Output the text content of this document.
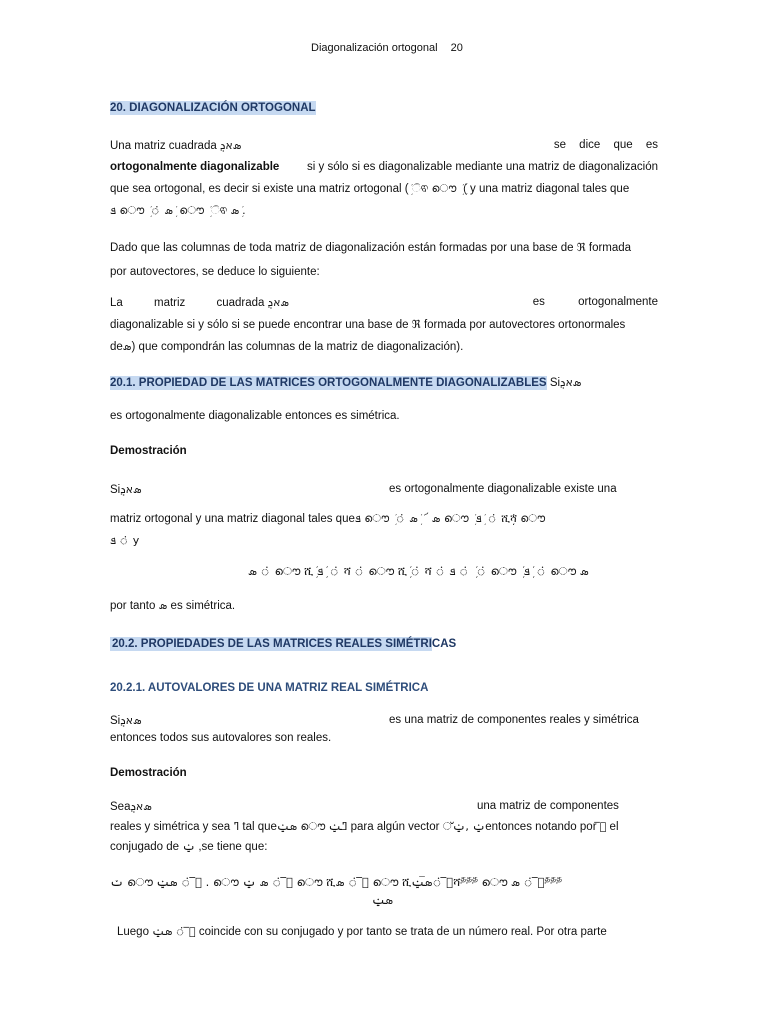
Diagonalización ortogonal 20
20. DIAGONALIZACIÓN ORTOGONAL
Una matriz cuadrada ܣאܯ	se dice que es
ortogonalmente diagonalizable si y sólo si es diagonalizable mediante una matriz de diagonalización
que sea ortogonal, es decir si existe una matriz ortogonal (ܲ ିଵ ൌ ܲ (ܲ y una matriz diagonal tales que
ܦ ൌ ܲ ் ܣ ܲ ൌ ܲ ିଵ ܣ ܲ.
Dado que las columnas de toda matriz de diagonalización están formadas por una base de ℜ formada
por autovectores, se deduce lo siguiente:
La matriz cuadrada ܣאܯ	es ortogonalmente
diagonalizable si y sólo si se puede encontrar una base de ℜ formada por autovectores ortonormales
deܣ) que compondrán las columnas de la matriz de diagonalización).
20.1. PROPIEDAD DE LAS MATRICES ORTOGONALMENTE DIAGONALIZABLES Siܣאܯ
es ortogonalmente diagonalizable entonces es simétrica.
Demostración
Siܣאܯ	es ortogonalmente diagonalizable existe una
matriz ortogonal y una matriz diagonal tales queܦ ൌ ܲ ் ܣ ܲ ՜ ܣ ൌ ܲ ܦ ܲ ் ሺܲܲܲܲሻ ൌ
ܦ ் y
ܣ ் ൌ ሺܲ ܦ ܲ ் ሻ ் ൌ ሺܲ ் ሻ ் ܦ ் ܲ ் ൌ ܲ ܦ ܲ ் ൌ ܣ
por tanto ܣ es simétrica.
20.2. PROPIEDADES DE LAS MATRICES REALES SIMÉTRICAS
20.2.1. AUTOVALORES DE UNA MATRIZ REAL SIMÉTRICA
Siܣאܯ	es una matriz de componentes reales y simétrica
entonces todos sus autovalores son reales.
Demostración
Seaܣאܯ	una matriz de componentes
reales y simétrica y sea ߣ tal queܣݔ ൌ ߣݔ para algún vector ݔ ,ݔ്entonces notando por ݔ̅ el
conjugado de ݔ ,se tiene que:
ݖ ൌ ݔ̅ ் ܣݔ . ൌ ݔ̅ ் ܣ ݔ ൌ ሺݔ̅ ் ܣ ൌ ሺݔ̅ ்ܣ̅ݔሻ$^{ததத}$ ൌ ݔ̅ ் ܣ$^{ததத}$
ܣݔ
Luego ݔ̅ ் ܣݔ coincide con su conjugado y por tanto se trata de un número real. Por otra parte
